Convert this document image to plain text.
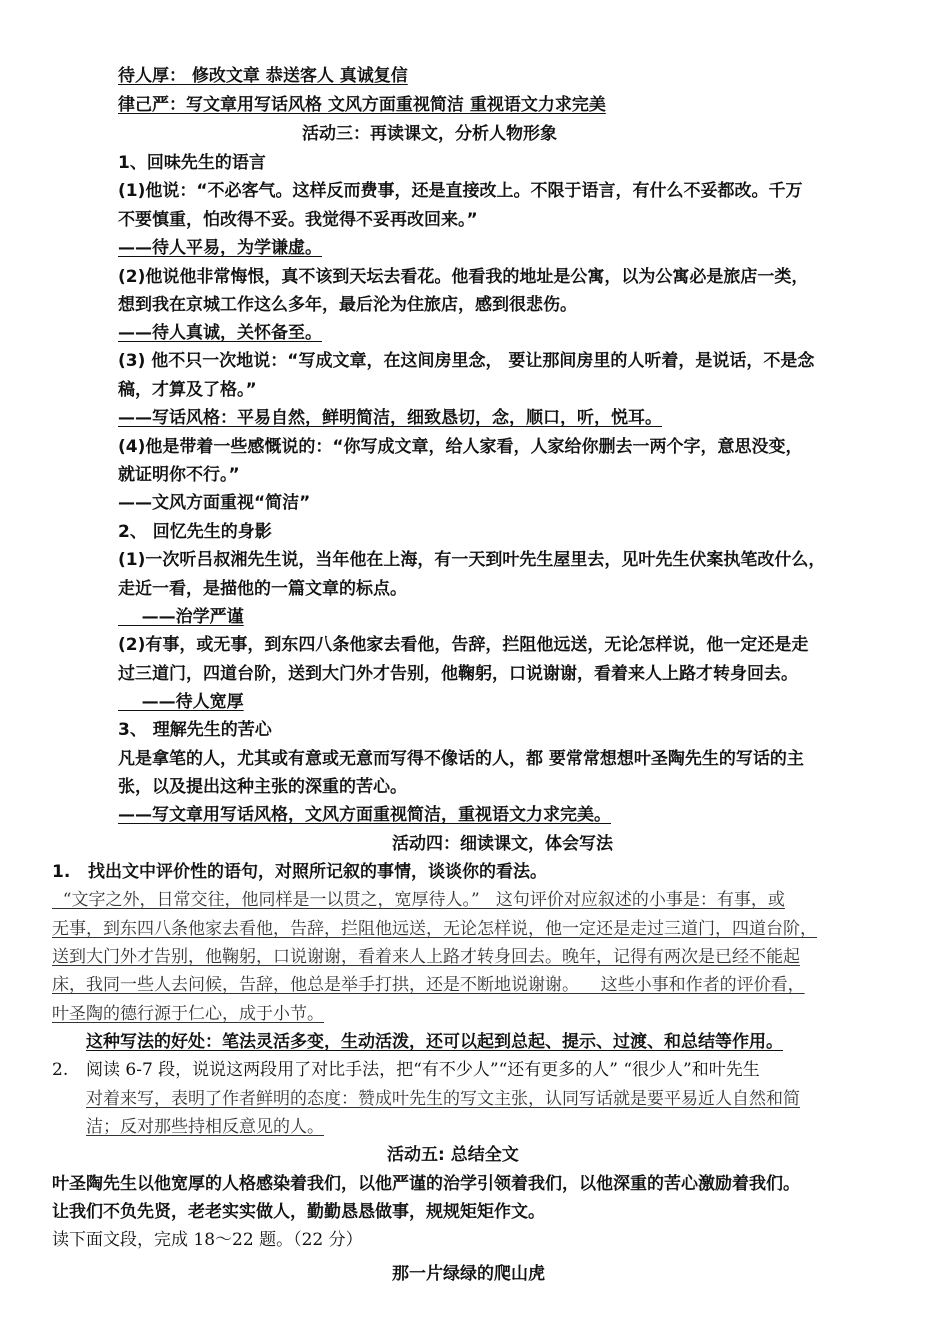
待人厚： 修改文章 恭送客人 真诚复信
律己严：写文章用写话风格 文风方面重视简洁 重视语文力求完美
活动三：再读课文，分析人物形象
1、回味先生的语言
(1)他说：“不必客气。这样反而费事，还是直接改上。不限于语言，有什么不妥都改。千万
不要慎重，怕改得不妥。我觉得不妥再改回来。”
——待人平易，为学谦虚。
(2)他说他非常悔恨，真不该到天坛去看花。他看我的地址是公寓，以为公寓必是旅店一类，
想到我在京城工作这么多年，最后沦为住旅店，感到很悲伤。
——待人真诚，关怀备至。
(3) 他不只一次地说：“写成文章，在这间房里念， 要让那间房里的人听着，是说话，不是念
稿，才算及了格。”
——写话风格：平易自然，鲜明简洁，细致恳切，念，顺口，听，悦耳。
(4)他是带着一些感慨说的：“你写成文章，给人家看，人家给你删去一两个字，意思没变，
就证明你不行。”
——文风方面重视“简洁”
2、 回忆先生的身影
(1)一次听吕叔湘先生说，当年他在上海，有一天到叶先生屋里去，见叶先生伏案执笔改什么，
走近一看，是描他的一篇文章的标点。
——治学严谨
(2)有事，或无事，到东四八条他家去看他，告辞，拦阻他远送，无论怎样说，他一定还是走
过三道门，四道台阶，送到大门外才告别，他鞠躬，口说谢谢，看着来人上路才转身回去。
——待人宽厚
3、 理解先生的苦心
凡是拿笔的人，尤其或有意或无意而写得不像话的人，都 要常常想想叶圣陶先生的写话的主
张，以及提出这种主张的深重的苦心。
——写文章用写话风格，文风方面重视简洁，重视语文力求完美。
活动四：细读课文，体会写法
1.   找出文中评价性的语句，对照所记叙的事情，谈谈你的看法。
“文字之外，日常交往，他同样是一以贯之，宽厚待人。”   这句评价对应叙述的小事是：有事，或
无事，到东四八条他家去看他，告辞，拦阻他远送，无论怎样说，他一定还是走过三道门，四道台阶，
送到大门外才告别，他鞠躬，口说谢谢，看着来人上路才转身回去。晚年，记得有两次是已经不能起
床，我同一些人去问候，告辞，他总是举手打拱，还是不断地说谢谢。    这些小事和作者的评价看，
叶圣陶的德行源于仁心，成于小节。
这种写法的好处：笔法灵活多变，生动活泼，还可以起到总起、提示、过渡、和总结等作用。
2. 阅读 6-7 段，说说这两段用了对比手法，把“有不少人”“还有更多的人” “很少人”和叶先生
对着来写，表明了作者鲜明的态度：赞成叶先生的写文主张，认同写话就是要平易近人自然和简
洁；反对那些持相反意见的人。
活动五: 总结全文
叶圣陶先生以他宽厚的人格感染着我们，以他严谨的治学引领着我们，以他深重的苦心激励着我们。
让我们不负先贤，老老实实做人，勤勤恳恳做事，规规矩矩作文。
读下面文段，完成 18～22 题。（22 分）
那一片绿绿的爬山虎
